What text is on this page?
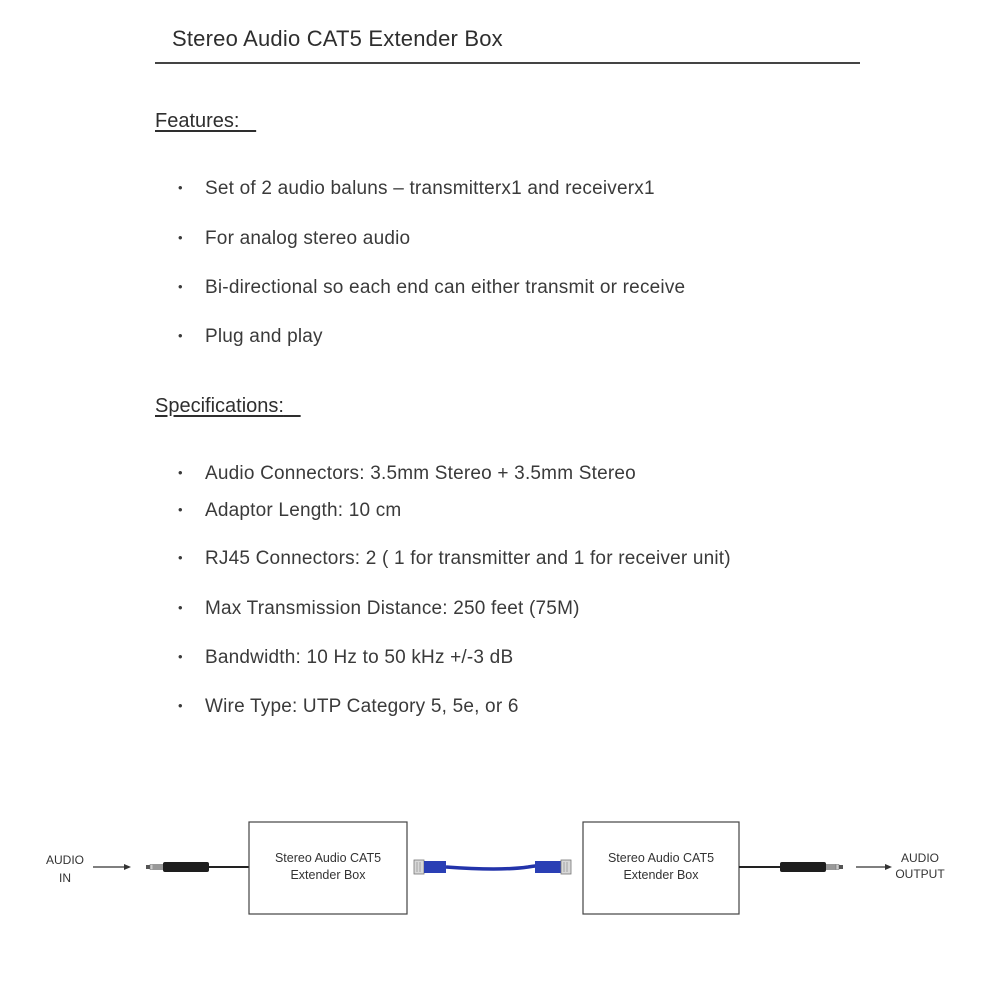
Stereo Audio CAT5 Extender Box
Features:
• Set of 2 audio baluns – transmitterx1 and receiverx1
• For analog stereo audio
• Bi-directional so each end can either transmit or receive
• Plug and play
Specifications:
• Audio Connectors: 3.5mm Stereo + 3.5mm Stereo
• Adaptor Length: 10 cm
• RJ45 Connectors: 2 ( 1 for transmitter and 1 for receiver unit)
• Max Transmission Distance: 250 feet (75M)
• Bandwidth: 10 Hz to 50 kHz +/-3 dB
• Wire Type: UTP Category 5, 5e, or 6
AUDIO
IN
Stereo Audio CAT5
Extender Box
Stereo Audio CAT5
Extender Box
AUDIO
OUTPUT
